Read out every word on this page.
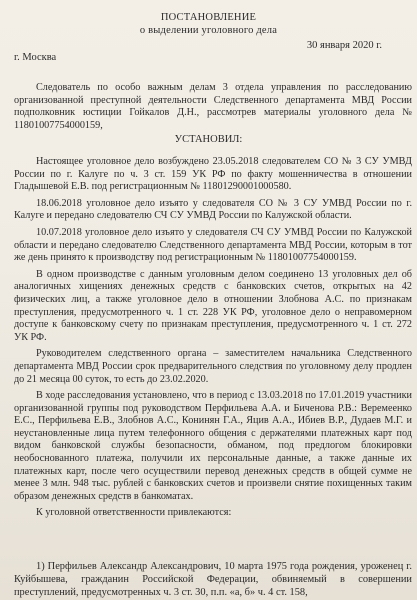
ПОСТАНОВЛЕНИЕ
о выделении уголовного дела
г. Москва
30 января 2020 г.

Следователь по особо важным делам 3 отдела управления по расследованию организованной преступной деятельности Следственного департамента МВД России подполковник юстиции Гойкалов Д.Н., рассмотрев материалы уголовного дела № 11801007754000159,

УСТАНОВИЛ:

Настоящее уголовное дело возбуждено 23.05.2018 следователем СО № 3 СУ УМВД России по г. Калуге по ч. 3 ст. 159 УК РФ по факту мошенничества в отношении Гладышевой Е.В. под регистрационным № 11801290001000580.

18.06.2018 уголовное дело изъято у следователя СО № 3 СУ УМВД России по г. Калуге и передано следователю СЧ СУ УМВД России по Калужской области.

10.07.2018 уголовное дело изъято у следователя СЧ СУ УМВД России по Калужской области и передано следователю Следственного департамента МВД России, которым в тот же день принято к производству под регистрационным № 11801007754000159.

В одном производстве с данным уголовным делом соединено 13 уголовных дел об аналогичных хищениях денежных средств с банковских счетов, открытых на 42 физических лиц, а также уголовное дело в отношении Злобнова А.С. по признакам преступления, предусмотренного ч. 1 ст. 228 УК РФ, уголовное дело о неправомерном доступе к банковскому счету по признакам преступления, предусмотренного ч. 1 ст. 272 УК РФ.

Руководителем следственного органа – заместителем начальника Следственного департамента МВД России срок предварительного следствия по уголовному делу продлен до 21 месяца 00 суток, то есть до 23.02.2020.

В ходе расследования установлено, что в период с 13.03.2018 по 17.01.2019 участники организованной группы под руководством Перфильева А.А. и Биченова Р.В.: Веремеенко Е.С., Перфильева Е.В., Злобнов А.С., Конинян Г.А., Яцив А.А., Ибиев В.Р., Дудаев М.Г. и неустановленные лица путем телефонного общения с держателями платежных карт под видом банковской службы безопасности, обманом, под предлогом блокировки необоснованного платежа, получили их персональные данные, а также данные их платежных карт, после чего осуществили перевод денежных средств в общей сумме не менее 3 млн. 948 тыс. рублей с банковских счетов и произвели снятие похищенных таким образом денежных средств в банкоматах.

К уголовной ответственности привлекаются:

1) Перфильев Александр Александрович, 10 марта 1975 года рождения, уроженец г. Куйбышева, гражданин Российской Федерации, обвиняемый в совершении преступлений, предусмотренных ч. 3 ст. 30, п.п. «а, б» ч. 4 ст. 158,
